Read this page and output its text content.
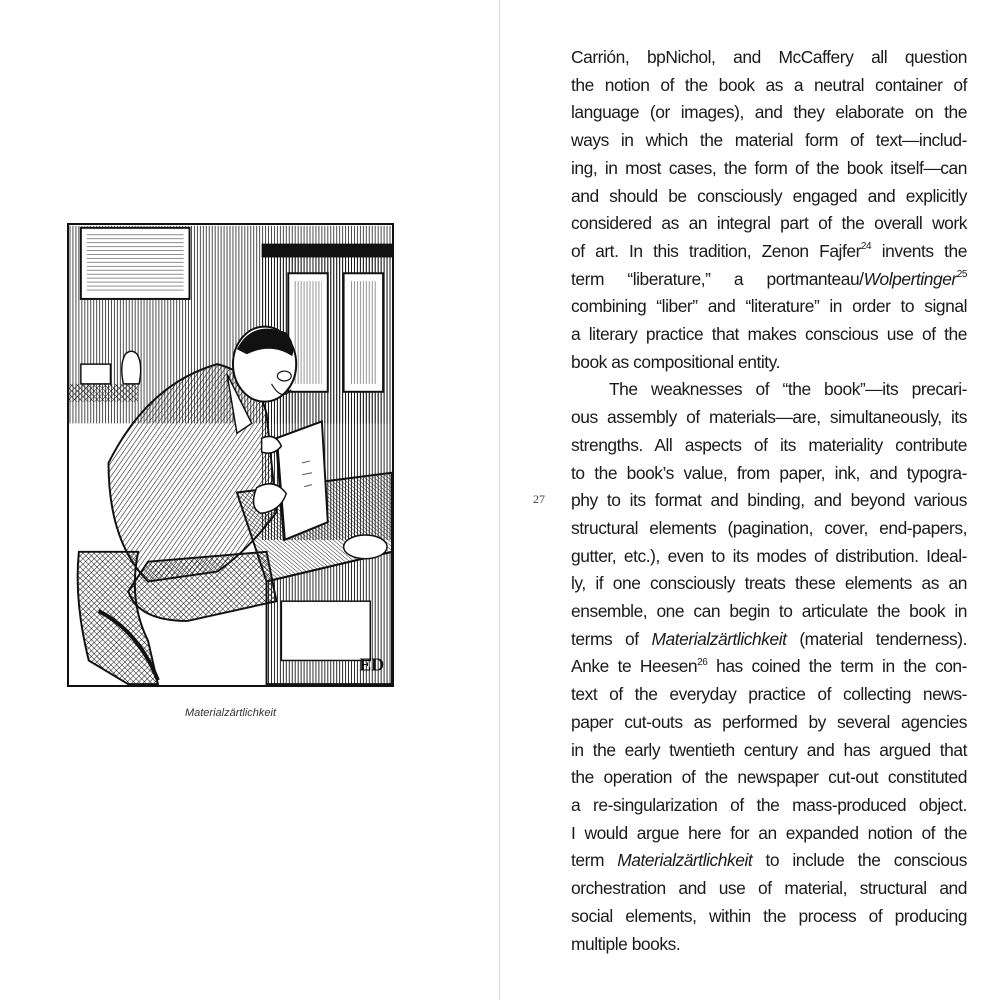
ED
Materialzärtlichkeit
27
Carrión, bpNichol, and McCaffery all question
the notion of the book as a neutral container of
language (or images), and they elaborate on the
ways in which the material form of text—includ-
ing, in most cases, the form of the book itself—can
and should be consciously engaged and explicitly
considered as an integral part of the overall work
of art. In this tradition, Zenon Fajfer$^{24}$ invents the
term “liberature,” a portmanteau/Wolpertinger$^{25}$
combining “liber” and “literature” in order to signal
a literary practice that makes conscious use of the
book as compositional entity.
The weaknesses of “the book”—its precari-
ous assembly of materials—are, simultaneously, its
strengths. All aspects of its materiality contribute
to the book’s value, from paper, ink, and typogra-
phy to its format and binding, and beyond various
structural elements (pagination, cover, end-papers,
gutter, etc.), even to its modes of distribution. Ideal-
ly, if one consciously treats these elements as an
ensemble, one can begin to articulate the book in
terms of Materialzärtlichkeit (material tenderness).
Anke te Heesen$^{26}$ has coined the term in the con-
text of the everyday practice of collecting news-
paper cut-outs as performed by several agencies
in the early twentieth century and has argued that
the operation of the newspaper cut-out constituted
a re-singularization of the mass-produced object.
I would argue here for an expanded notion of the
term Materialzärtlichkeit to include the conscious
orchestration and use of material, structural and
social elements, within the process of producing
multiple books.
